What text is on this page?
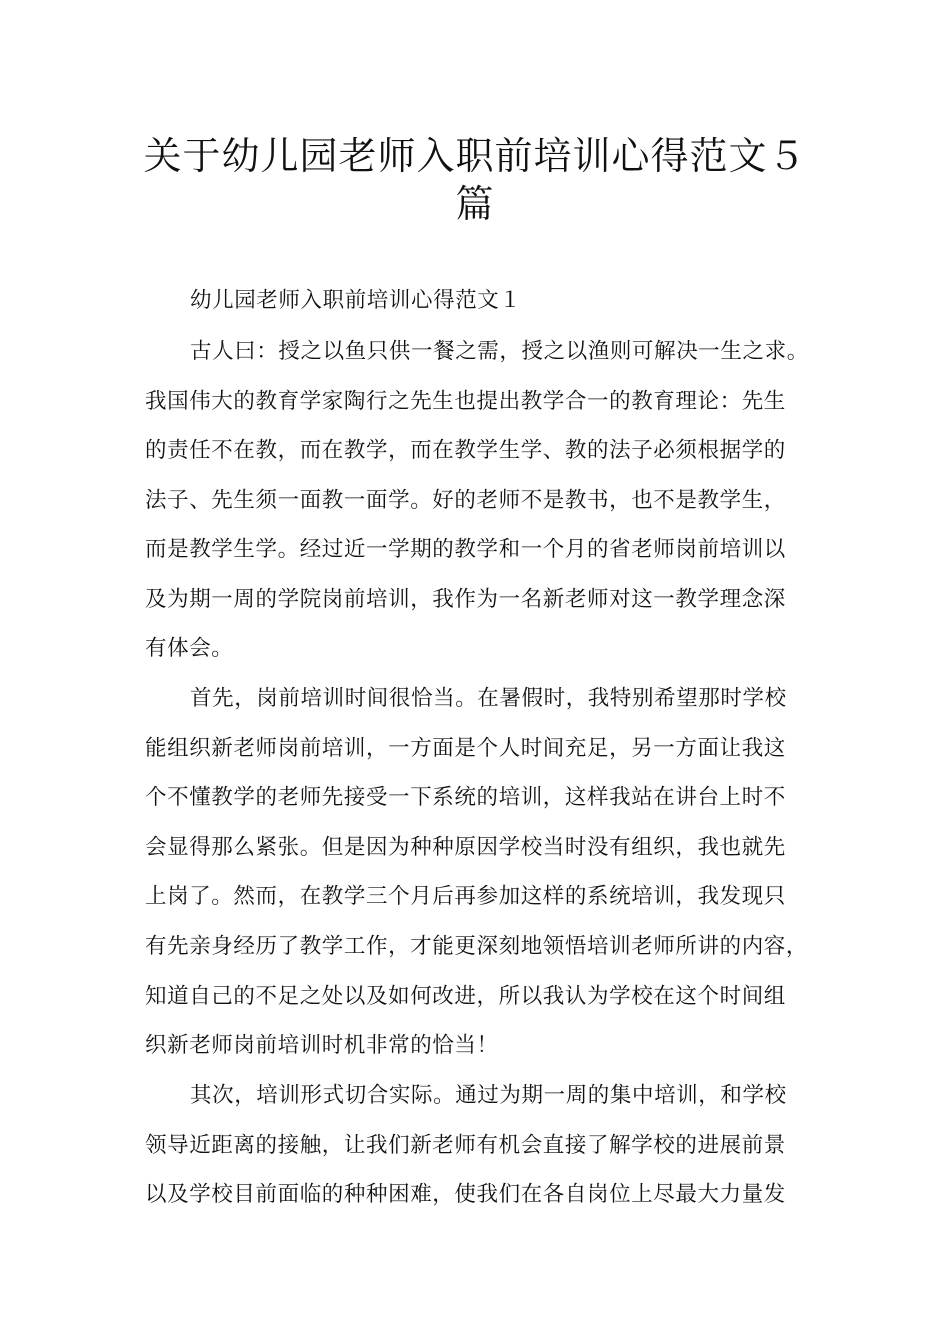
关于幼儿园老师入职前培训心得范文５
篇
幼儿园老师入职前培训心得范文１
古人曰：授之以鱼只供一餐之需，授之以渔则可解决一生之求。
我国伟大的教育学家陶行之先生也提出教学合一的教育理论：先生
的责任不在教，而在教学，而在教学生学、教的法子必须根据学的
法子、先生须一面教一面学。好的老师不是教书，也不是教学生，
而是教学生学。经过近一学期的教学和一个月的省老师岗前培训以
及为期一周的学院岗前培训，我作为一名新老师对这一教学理念深
有体会。
首先，岗前培训时间很恰当。在暑假时，我特别希望那时学校
能组织新老师岗前培训，一方面是个人时间充足，另一方面让我这
个不懂教学的老师先接受一下系统的培训，这样我站在讲台上时不
会显得那么紧张。但是因为种种原因学校当时没有组织，我也就先
上岗了。然而，在教学三个月后再参加这样的系统培训，我发现只
有先亲身经历了教学工作，才能更深刻地领悟培训老师所讲的内容，
知道自己的不足之处以及如何改进，所以我认为学校在这个时间组
织新老师岗前培训时机非常的恰当！
其次，培训形式切合实际。通过为期一周的集中培训，和学校
领导近距离的接触，让我们新老师有机会直接了解学校的进展前景
以及学校目前面临的种种困难，使我们在各自岗位上尽最大力量发
